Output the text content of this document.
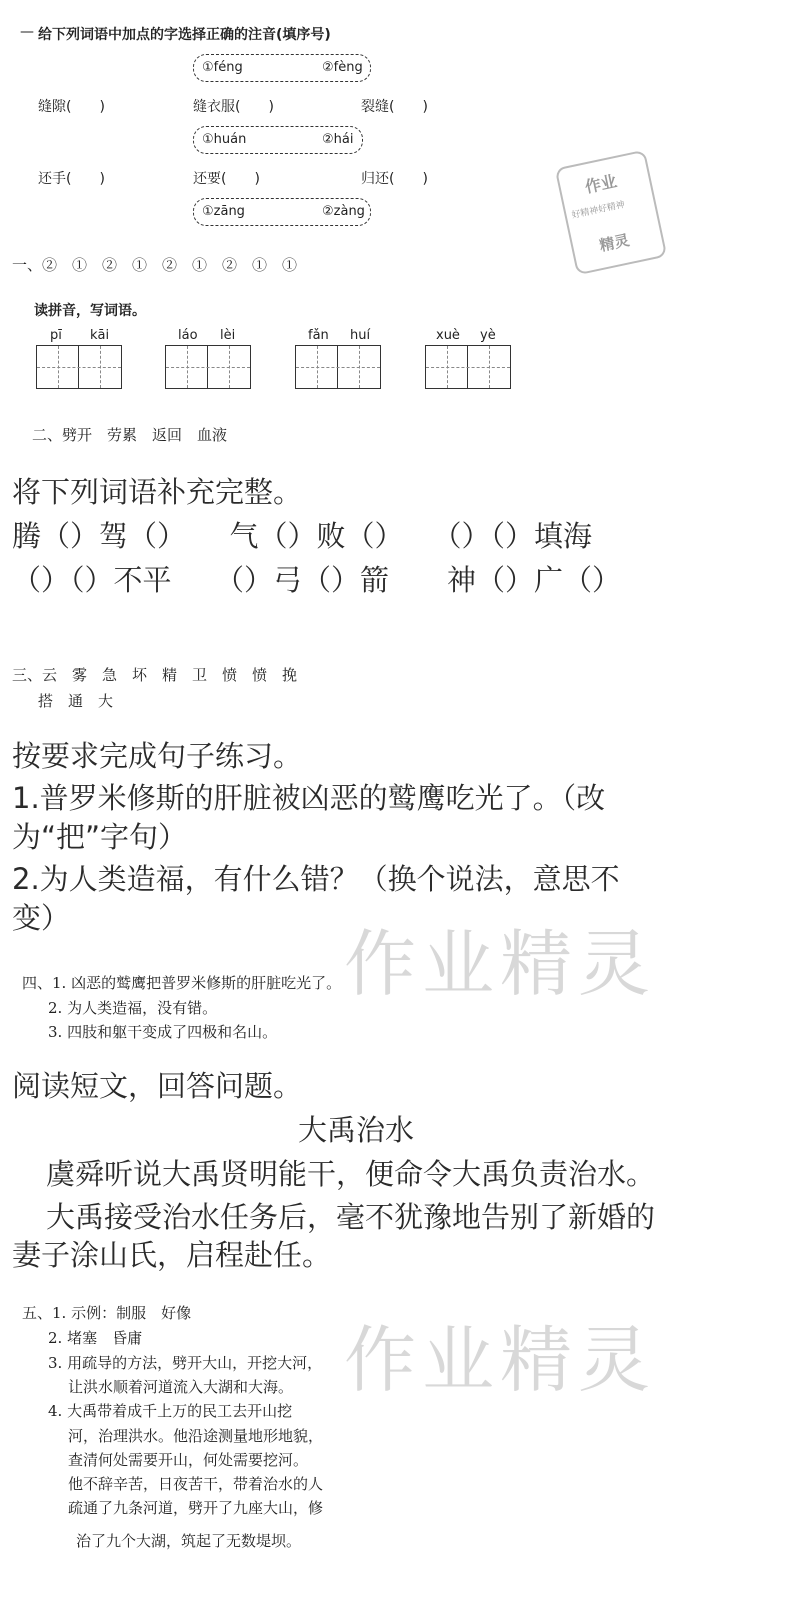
— 给下列词语中加点的字选择正确的注音(填序号)
①féng	②fèng
缝隙(　　)	缝衣服(　　)	裂缝(　　)
①huán	②hái
还手(　　)	还要(　　)	归还(　　)
①zāng	②zàng
一、②　①　②　①　②　①　②　①　①
作业
好精神好精神
精灵
读拼音，写词语。
pī kāi	láo lèi	fǎn huí	xuè yè
二、劈开　劳累　返回　血液
将下列词语补充完整。
腾（）驾（）　　气（）败（）　　（）（）填海
（）（）不平　　（）弓（）箭　　神（）广（）
三、云　雾　急　坏　精　卫　愤　愤　挽
搭　通　大
按要求完成句子练习。
1.普罗米修斯的肝脏被凶恶的鹫鹰吃光了。（改
为“把”字句）
2.为人类造福，有什么错？（换个说法，意思不
变）
作业精灵
四、1. 凶恶的鹫鹰把普罗米修斯的肝脏吃光了。
2. 为人类造福，没有错。
3. 四肢和躯干变成了四极和名山。
阅读短文，回答问题。
大禹治水
虞舜听说大禹贤明能干，便命令大禹负责治水。
大禹接受治水任务后，毫不犹豫地告别了新婚的
妻子涂山氏，启程赴任。
作业精灵
五、1. 示例：制服　好像
2. 堵塞　昏庸
3. 用疏导的方法，劈开大山，开挖大河，
让洪水顺着河道流入大湖和大海。
4. 大禹带着成千上万的民工去开山挖
河，治理洪水。他沿途测量地形地貌，
查清何处需要开山，何处需要挖河。
他不辞辛苦，日夜苦干，带着治水的人
疏通了九条河道，劈开了九座大山，修
治了九个大湖，筑起了无数堤坝。
